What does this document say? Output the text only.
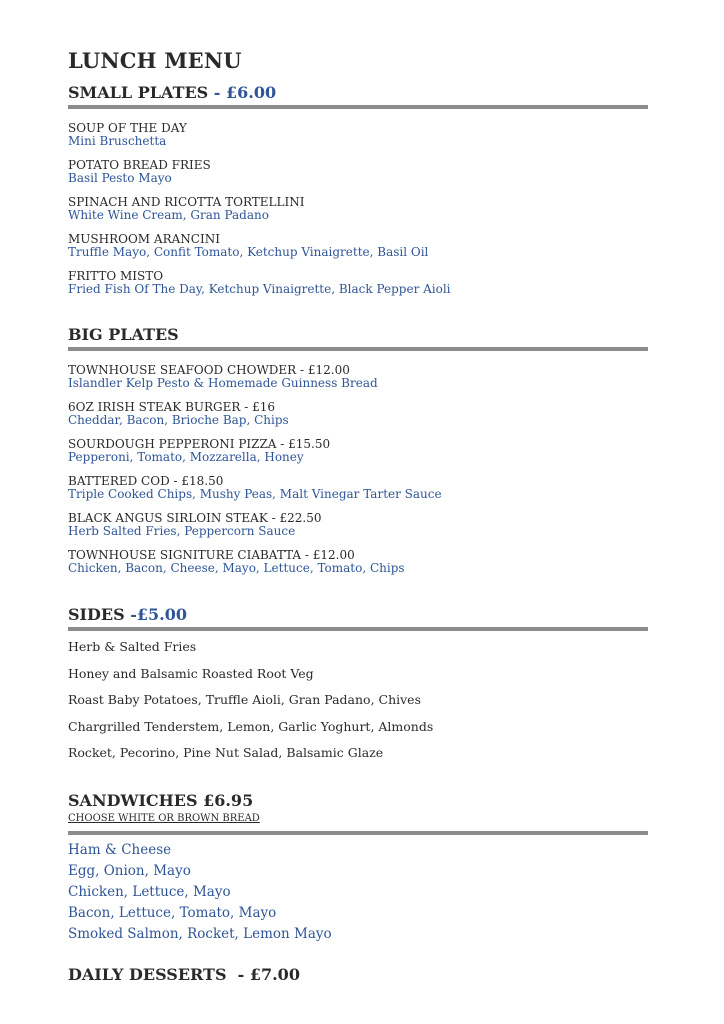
LUNCH MENU
SMALL PLATES - £6.00
SOUP OF THE DAY
Mini Bruschetta
POTATO BREAD FRIES
Basil Pesto Mayo
SPINACH AND RICOTTA TORTELLINI
White Wine Cream, Gran Padano
MUSHROOM ARANCINI
Truffle Mayo, Confit Tomato, Ketchup Vinaigrette, Basil Oil
FRITTO MISTO
Fried Fish Of The Day, Ketchup Vinaigrette, Black Pepper Aioli
BIG PLATES
TOWNHOUSE SEAFOOD CHOWDER - £12.00
Islandler Kelp Pesto & Homemade Guinness Bread
6OZ IRISH STEAK BURGER - £16
Cheddar, Bacon, Brioche Bap, Chips
SOURDOUGH PEPPERONI PIZZA - £15.50
Pepperoni, Tomato, Mozzarella, Honey
BATTERED COD - £18.50
Triple Cooked Chips, Mushy Peas, Malt Vinegar Tarter Sauce
BLACK ANGUS SIRLOIN STEAK - £22.50
Herb Salted Fries, Peppercorn Sauce
TOWNHOUSE SIGNITURE CIABATTA - £12.00
Chicken, Bacon, Cheese, Mayo, Lettuce, Tomato, Chips
SIDES -£5.00
Herb & Salted Fries
Honey and Balsamic Roasted Root Veg
Roast Baby Potatoes, Truffle Aioli, Gran Padano, Chives
Chargrilled Tenderstem, Lemon, Garlic Yoghurt, Almonds
Rocket, Pecorino, Pine Nut Salad, Balsamic Glaze
SANDWICHES £6.95
CHOOSE WHITE OR BROWN BREAD
Ham & Cheese
Egg, Onion, Mayo
Chicken, Lettuce, Mayo
Bacon, Lettuce, Tomato, Mayo
Smoked Salmon, Rocket, Lemon Mayo
DAILY DESSERTS  - £7.00
